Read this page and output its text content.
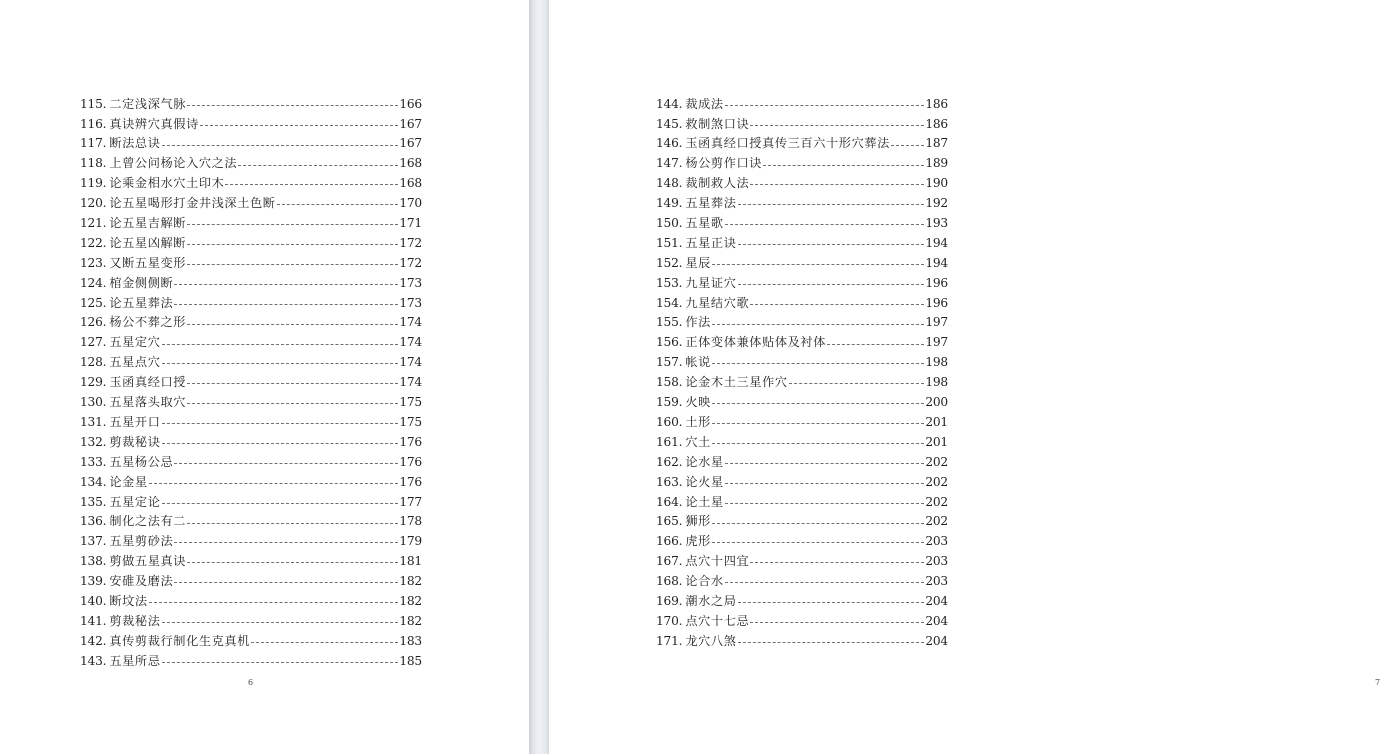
115. 二定浅深气脉	166
116. 真诀辨穴真假诗	167
117. 断法总诀	167
118. 上曾公问杨论入穴之法	168
119. 论乘金相水穴土印木	168
120. 论五星喝形打金井浅深土色断	170
121. 论五星吉解断	171
122. 论五星凶解断	172
123. 又断五星变形	172
124. 棺金侧侧断	173
125. 论五星葬法	173
126. 杨公不葬之形	174
127. 五星定穴	174
128. 五星点穴	174
129. 玉函真经口授	174
130. 五星落头取穴	175
131. 五星开口	175
132. 剪裁秘诀	176
133. 五星杨公忌	176
134. 论金星	176
135. 五星定论	177
136. 制化之法有二	178
137. 五星剪砂法	179
138. 剪做五星真诀	181
139. 安碓及磨法	182
140. 断坟法	182
141. 剪裁秘法	182
142. 真传剪裁行制化生克真机	183
143. 五星所忌	185
6
144. 裁成法	186
145. 救制煞口诀	186
146. 玉函真经口授真传三百六十形穴葬法	187
147. 杨公剪作口诀	189
148. 裁制救人法	190
149. 五星葬法	192
150. 五星歌	193
151. 五星正诀	194
152. 星辰	194
153. 九星证穴	196
154. 九星结穴歌	196
155. 作法	197
156. 正体变体兼体贴体及衬体	197
157. 帐说	198
158. 论金木土三星作穴	198
159. 火映	200
160. 土形	201
161. 穴土	201
162. 论水星	202
163. 论火星	202
164. 论土星	202
165. 狮形	202
166. 虎形	203
167. 点穴十四宜	203
168. 论合水	203
169. 潮水之局	204
170. 点穴十七忌	204
171. 龙穴八煞	204
7
